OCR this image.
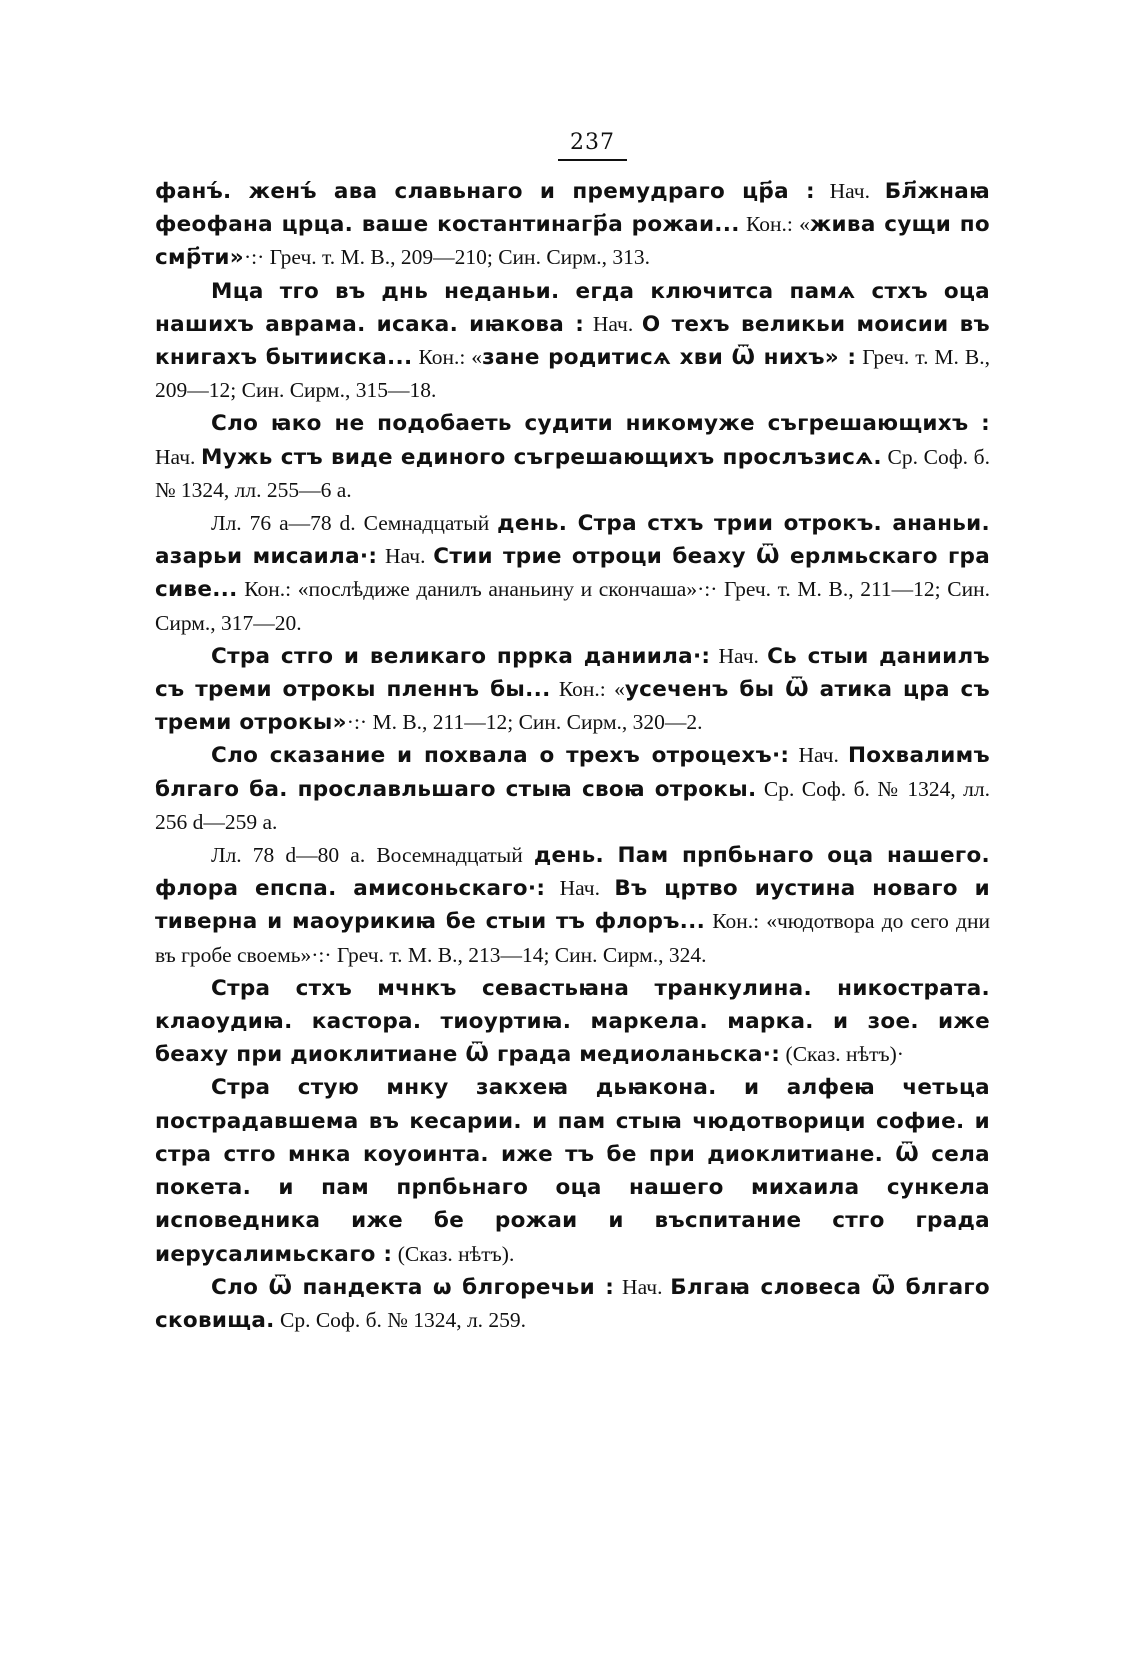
237

фанъ́. женъ́ ава славьнаго и премудраго цр҃а : Нач. Бл҃жнаꙗ феофана црца. ваше костантинагр҃а рожаи... Кон.: «жива сущи по смр҃ти»·:· Греч. т. М. В., 209—210; Син. Сирм., 313.

Мца тго въ днь неданьи. егда ключитса памѧ стхъ оца нашихъ аврама. исака. иꙗкова : Нач. О техъ великьи моисии въ книгахъ бытииска... Кон.: «зане родитисѧ хви Ѿ нихъ» : Греч. т. М. В., 209—12; Син. Сирм., 315—18.

Сло ꙗко не подобаеть судити никомуже съгрешающихъ : Нач. Мужь стъ виде единого съгрешающихъ прослъзисѧ. Ср. Соф. б. № 1324, лл. 255—6 а.

Лл. 76 а—78 d. Семнадцатый день. Стра стхъ трии отрокъ. ананьи. азарьи мисаила·: Нач. Стии трие отроци беаху Ѿ ерлмьскаго гра сиве... Кон.: «послѣдиже данилъ ананьину и скончаша»·:· Греч. т. М. В., 211—12; Син. Сирм., 317—20.

Стра стго и великаго пррка даниила·: Нач. Сь стыи даниилъ съ треми отрокы пленнъ бы... Кон.: «усеченъ бы Ѿ атика цра съ треми отрокы»·:· М. В., 211—12; Син. Сирм., 320—2.

Сло сказание и похвала о трехъ отроцехъ·: Нач. Похвалимъ блгаго ба. прославльшаго стыꙗ своꙗ отрокы. Ср. Соф. б. № 1324, лл. 256 d—259 а.

Лл. 78 d—80 а. Восемнадцатый день. Пам прпбьнаго оца нашего. флора епспа. амисоньскаго·: Нач. Въ цртво иустина новаго и тиверна и маоурикиꙗ бе стыи тъ флоръ... Кон.: «чюдотвора до сего дни въ гробе своемь»·:· Греч. т. М. В., 213—14; Син. Сирм., 324.

Стра стхъ мчнкъ севастьꙗна транкулина. никострата. клаоудиꙗ. кастора. тиоуртиꙗ. маркела. марка. и зое. иже беаху при диоклитиане Ѿ града медиоланьска·: (Сказ. нѣтъ)·

Стра стую мнку закхеꙗ дьꙗкона. и алфеꙗ четьца пострадавшема въ кесарии. и пам стыꙗ чюдотворици софие. и стра стго мнка коуоинта. иже тъ бе при диоклитиане. Ѿ села покета. и пам прпбьнаго оца нашего михаила сункела исповедника иже бе рожаи и въспитание стго града иерусалимьскаго : (Сказ. нѣтъ).

Сло Ѿ пандекта ѡ блгоречьи : Нач. Блгаꙗ словеса Ѿ блгаго сковища. Ср. Соф. б. № 1324, л. 259.
